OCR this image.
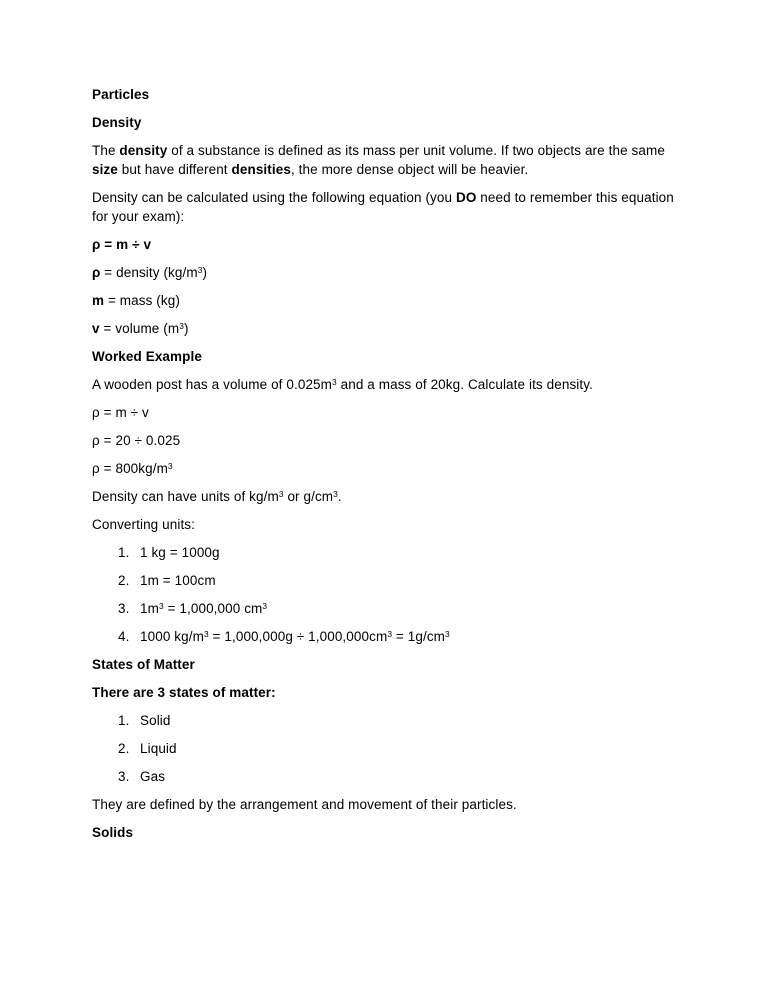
Particles
Density
The density of a substance is defined as its mass per unit volume. If two objects are the same size but have different densities, the more dense object will be heavier.
Density can be calculated using the following equation (you DO need to remember this equation for your exam):
ρ = m ÷ v
ρ = density $(kg/m^3)$
m = mass (kg)
v = volume $(m^3)$
Worked Example
A wooden post has a volume of $0.025m^3$ and a mass of 20kg. Calculate its density.
ρ = m ÷ v
ρ = 20 ÷ 0.025
$\rho = 800kg/m^3$
Density can have units of $kg/m^3$ or $g/cm^3$.
Converting units:
1. 1 kg = 1000g
2. 1m = 100cm
3. $1m^3 = 1,000,000$ $cm^3$
4. 1000 $kg/m^3 = 1,000,000g \div 1,000,000cm^3 = 1g/cm^3$
States of Matter
There are 3 states of matter:
1. Solid
2. Liquid
3. Gas
They are defined by the arrangement and movement of their particles.
Solids
